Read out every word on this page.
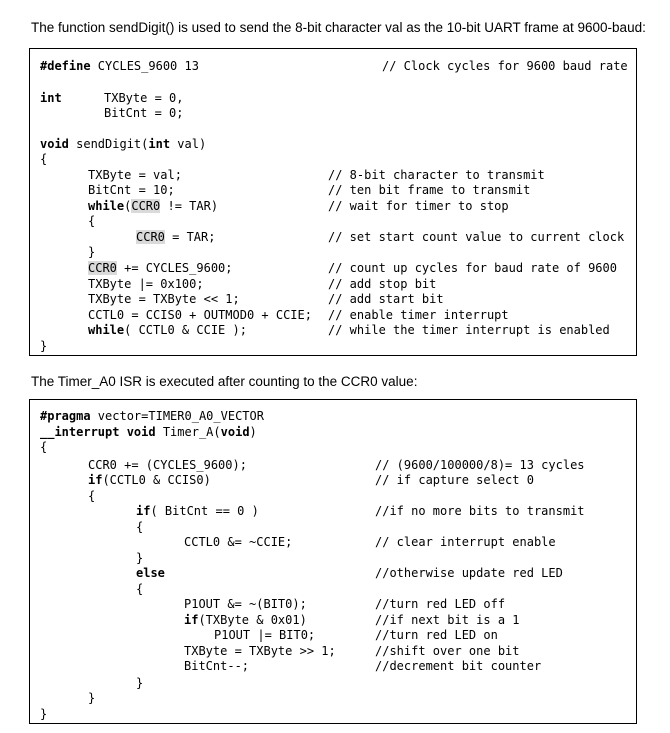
The function sendDigit() is used to send the 8-bit character val as the 10-bit UART frame at 9600-baud:
#define CYCLES_9600 13	// Clock cycles for 9600 baud rate
int	TXByte = 0,
BitCnt = 0;
void sendDigit(int val)
{
TXByte = val;	// 8-bit character to transmit
BitCnt = 10;	// ten bit frame to transmit
while(CCR0 != TAR)	// wait for timer to stop
{
CCR0 = TAR;	// set start count value to current clock
}
CCR0 += CYCLES_9600;	// count up cycles for baud rate of 9600
TXByte |= 0x100;	// add stop bit
TXByte = TXByte << 1;	// add start bit
CCTL0 = CCIS0 + OUTMOD0 + CCIE; // enable timer interrupt
while( CCTL0 & CCIE );	// while the timer interrupt is enabled
}
The Timer_A0 ISR is executed after counting to the CCR0 value:
#pragma vector=TIMER0_A0_VECTOR
__interrupt void Timer_A(void)
{
CCR0 += (CYCLES_9600);	// (9600/100000/8)= 13 cycles
if(CCTL0 & CCIS0)	// if capture select 0
{
if( BitCnt == 0 )	//if no more bits to transmit
{
CCTL0 &= ~CCIE;	// clear interrupt enable
}
else	//otherwise update red LED
{
P1OUT &= ~(BIT0);	//turn red LED off
if(TXByte & 0x01)	//if next bit is a 1
P1OUT |= BIT0;	//turn red LED on
TXByte = TXByte >> 1;	//shift over one bit
BitCnt--;	//decrement bit counter
}
}
}
